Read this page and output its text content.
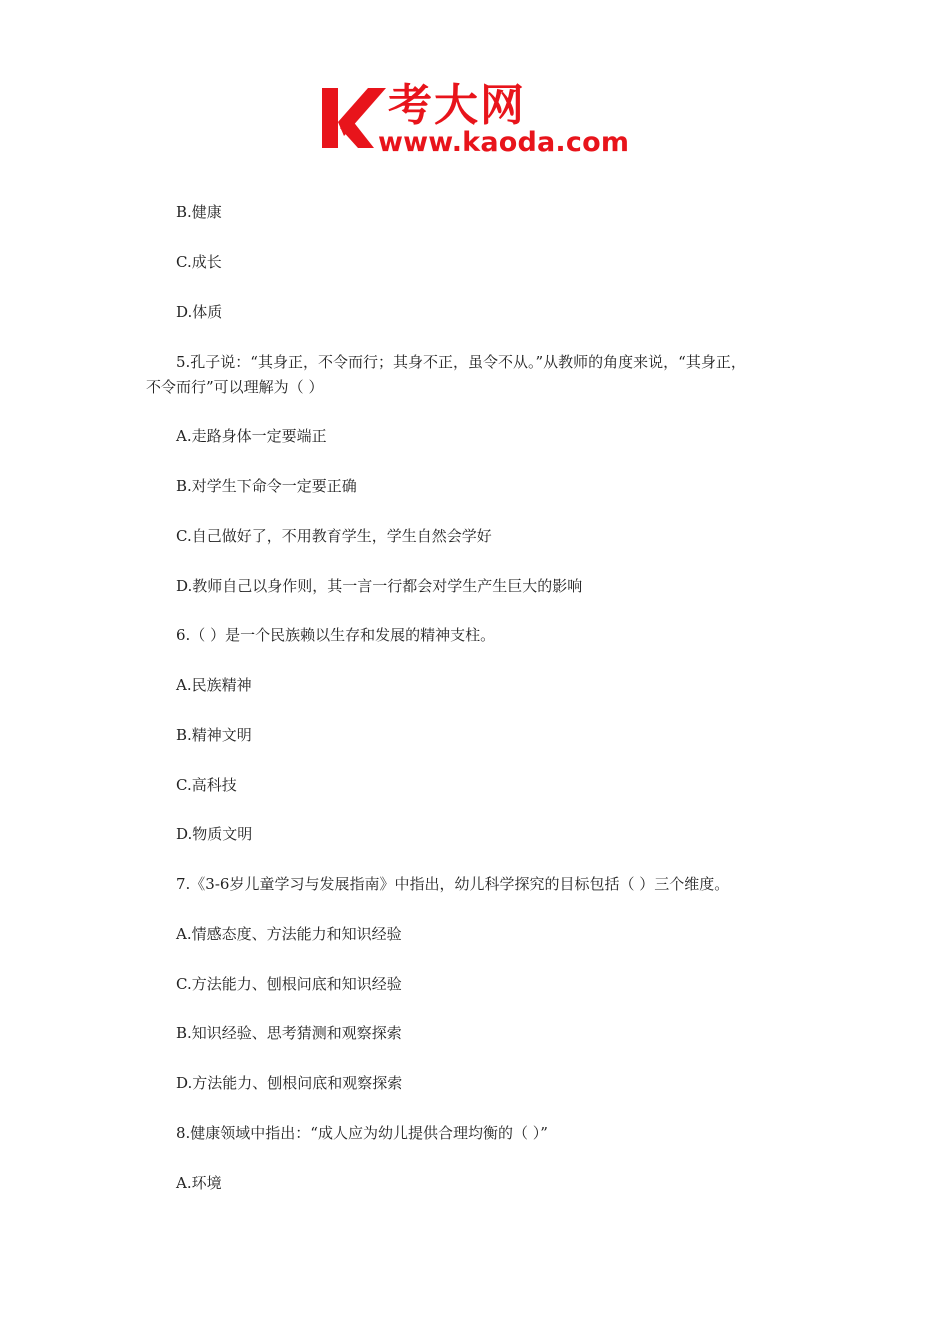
考大网
www.kaoda.com
B.健康
C.成长
D.体质
5.孔子说：“其身正，不令而行；其身不正，虽令不从。”从教师的角度来说，“其身正，
不令而行”可以理解为（ ）
A.走路身体一定要端正
B.对学生下命令一定要正确
C.自己做好了，不用教育学生，学生自然会学好
D.教师自己以身作则，其一言一行都会对学生产生巨大的影响
6.（ ）是一个民族赖以生存和发展的精神支柱。
A.民族精神
B.精神文明
C.高科技
D.物质文明
7.《3-6岁儿童学习与发展指南》中指出，幼儿科学探究的目标包括（ ）三个维度。
A.情感态度、方法能力和知识经验
C.方法能力、刨根问底和知识经验
B.知识经验、思考猜测和观察探索
D.方法能力、刨根问底和观察探索
8.健康领域中指出：“成人应为幼儿提供合理均衡的（ ）”
A.环境
